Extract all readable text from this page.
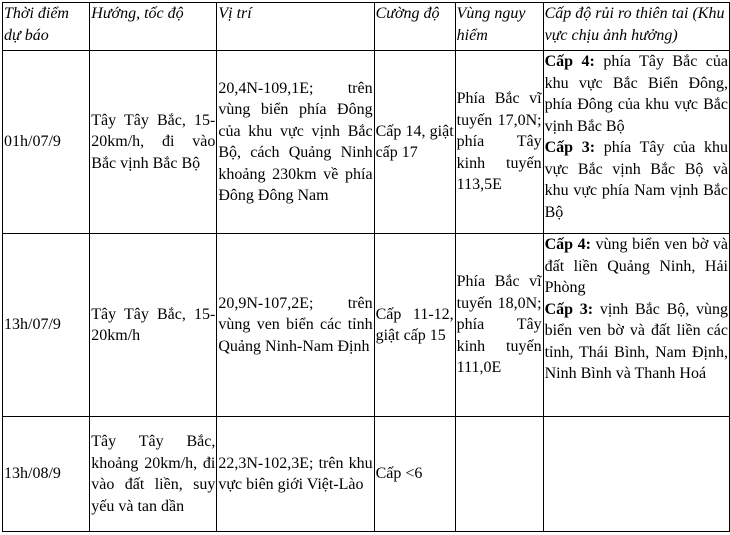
Thời điểm dự báo	Hướng, tốc độ	Vị trí	Cường độ	Vùng nguy hiểm	Cấp độ rủi ro thiên tai (Khu vực chịu ảnh hưởng)
01h/07/9	Tây Tây Bắc, 15-20km/h, đi vào Bắc vịnh Bắc Bộ	20,4N-109,1E; trên vùng biển phía Đông của khu vực vịnh Bắc Bộ, cách Quảng Ninh khoảng 230km về phía Đông Đông Nam	Cấp 14, giật cấp 17	Phía Bắc vĩ tuyến 17,0N; phía Tây kinh tuyến 113,5E	Cấp 4: phía Tây Bắc của khu vực Bắc Biển Đông, phía Đông của khu vực Bắc vịnh Bắc Bộ
Cấp 3: phía Tây của khu vực Bắc vịnh Bắc Bộ và khu vực phía Nam vịnh Bắc Bộ

13h/07/9	Tây Tây Bắc, 15-20km/h	20,9N-107,2E; trên vùng ven biển các tỉnh Quảng Ninh-Nam Định	Cấp 11-12, giật cấp 15	Phía Bắc vĩ tuyến 18,0N; phía Tây kinh tuyến 111,0E	Cấp 4: vùng biển ven bờ và đất liền Quảng Ninh, Hải Phòng
Cấp 3: vịnh Bắc Bộ, vùng biển ven bờ và đất liền các tỉnh, Thái Bình, Nam Định, Ninh Bình và Thanh Hoá

13h/08/9	Tây Tây Bắc, khoảng 20km/h, đi vào đất liền, suy yếu và tan dần	22,3N-102,3E; trên khu vực biên giới Việt-Lào	Cấp <6		
